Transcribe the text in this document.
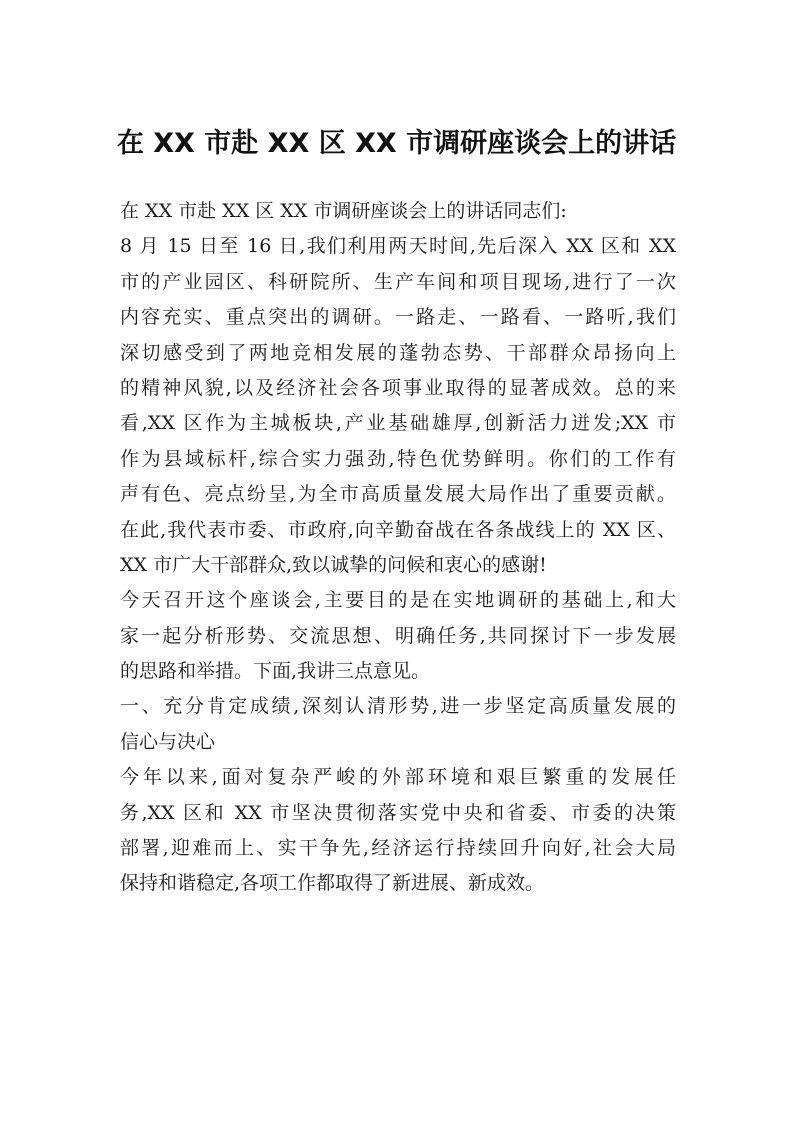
在 XX 市赴 XX 区 XX 市调研座谈会上的讲话
在 XX 市赴 XX 区 XX 市调研座谈会上的讲话同志们:
8 月 15 日至 16 日,我们利用两天时间,先后深入 XX 区和 XX
市的产业园区、科研院所、生产车间和项目现场,进行了一次
内容充实、重点突出的调研。一路走、一路看、一路听,我们
深切感受到了两地竞相发展的蓬勃态势、干部群众昂扬向上
的精神风貌,以及经济社会各项事业取得的显著成效。总的来
看,XX 区作为主城板块,产业基础雄厚,创新活力迸发;XX 市
作为县域标杆,综合实力强劲,特色优势鲜明。你们的工作有
声有色、亮点纷呈,为全市高质量发展大局作出了重要贡献。
在此,我代表市委、市政府,向辛勤奋战在各条战线上的 XX 区、
XX 市广大干部群众,致以诚挚的问候和衷心的感谢!
今天召开这个座谈会,主要目的是在实地调研的基础上,和大
家一起分析形势、交流思想、明确任务,共同探讨下一步发展
的思路和举措。下面,我讲三点意见。
一、充分肯定成绩,深刻认清形势,进一步坚定高质量发展的
信心与决心
今年以来,面对复杂严峻的外部环境和艰巨繁重的发展任
务,XX 区和 XX 市坚决贯彻落实党中央和省委、市委的决策
部署,迎难而上、实干争先,经济运行持续回升向好,社会大局
保持和谐稳定,各项工作都取得了新进展、新成效。
